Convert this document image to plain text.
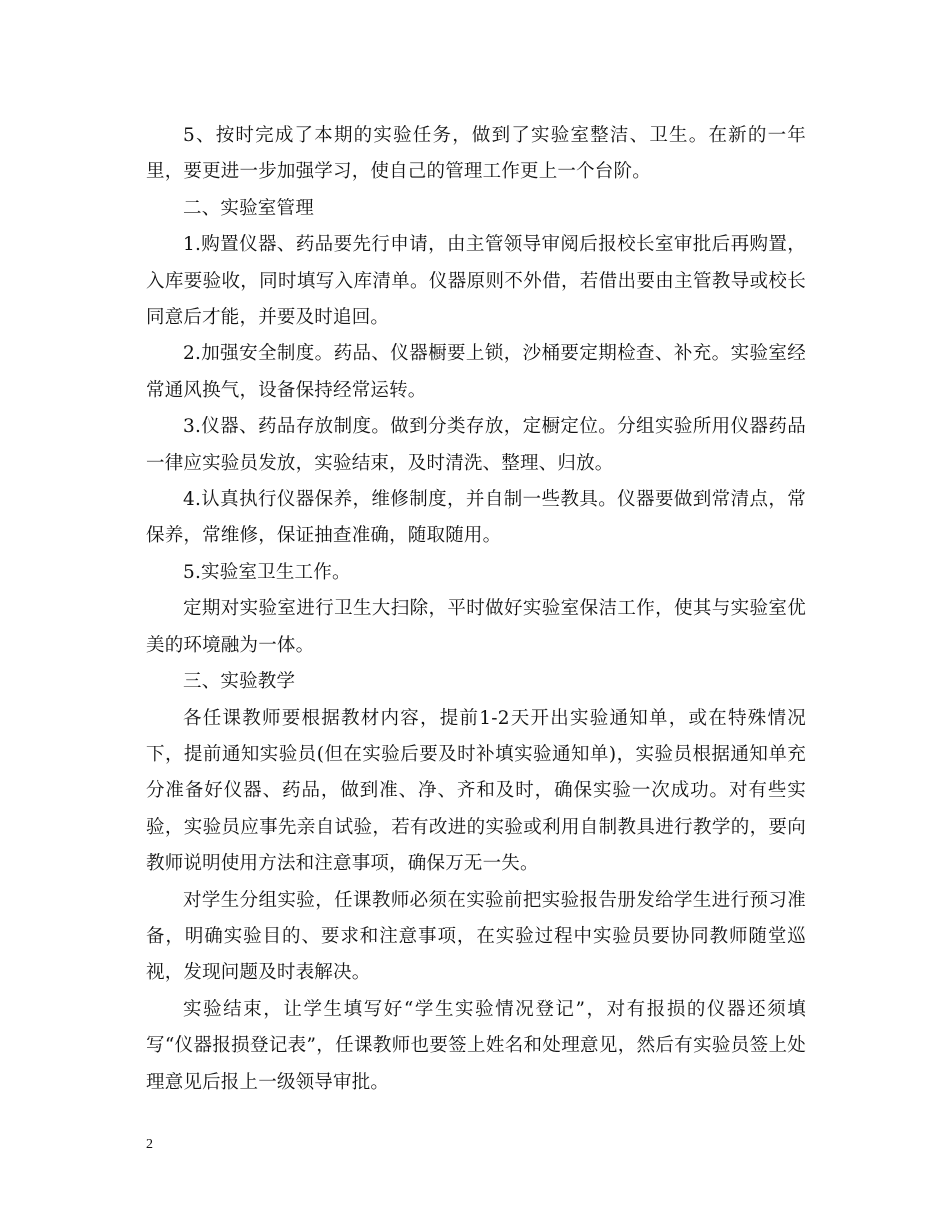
5、按时完成了本期的实验任务，做到了实验室整洁、卫生。在新的一年里，要更进一步加强学习，使自己的管理工作更上一个台阶。

二、实验室管理

1.购置仪器、药品要先行申请，由主管领导审阅后报校长室审批后再购置，入库要验收，同时填写入库清单。仪器原则不外借，若借出要由主管教导或校长同意后才能，并要及时追回。

2.加强安全制度。药品、仪器橱要上锁，沙桶要定期检查、补充。实验室经常通风换气，设备保持经常运转。

3.仪器、药品存放制度。做到分类存放，定橱定位。分组实验所用仪器药品一律应实验员发放，实验结束，及时清洗、整理、归放。

4.认真执行仪器保养，维修制度，并自制一些教具。仪器要做到常清点，常保养，常维修，保证抽查准确，随取随用。

5.实验室卫生工作。

定期对实验室进行卫生大扫除，平时做好实验室保洁工作，使其与实验室优美的环境融为一体。

三、实验教学

各任课教师要根据教材内容，提前1-2天开出实验通知单，或在特殊情况下，提前通知实验员(但在实验后要及时补填实验通知单)，实验员根据通知单充分准备好仪器、药品，做到准、净、齐和及时，确保实验一次成功。对有些实验，实验员应事先亲自试验，若有改进的实验或利用自制教具进行教学的，要向教师说明使用方法和注意事项，确保万无一失。

对学生分组实验，任课教师必须在实验前把实验报告册发给学生进行预习准备，明确实验目的、要求和注意事项，在实验过程中实验员要协同教师随堂巡视，发现问题及时表解决。

实验结束，让学生填写好“学生实验情况登记”，对有报损的仪器还须填写“仪器报损登记表”，任课教师也要签上姓名和处理意见，然后有实验员签上处理意见后报上一级领导审批。

2
